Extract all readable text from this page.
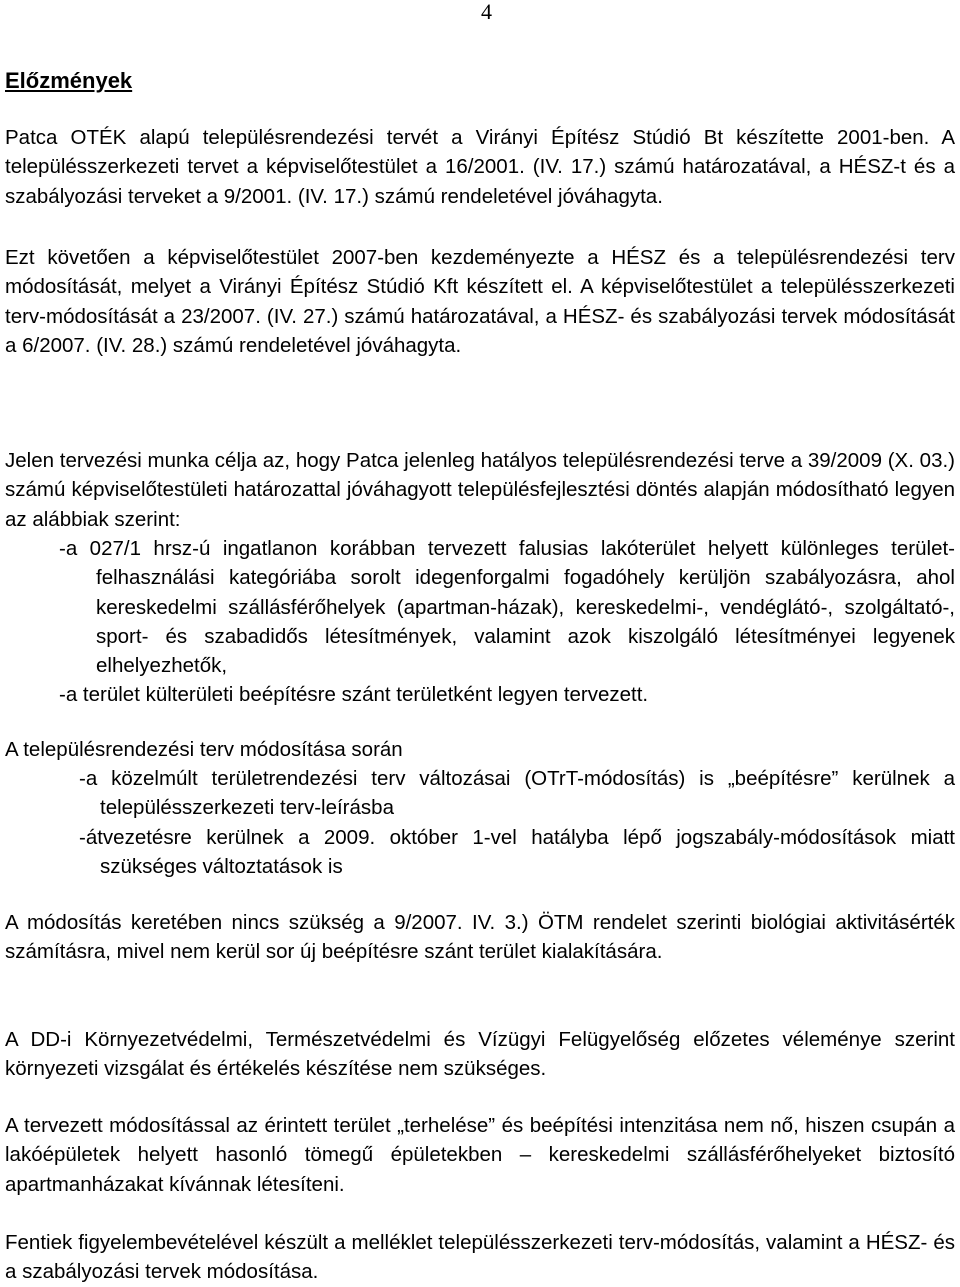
4
Előzmények

Patca OTÉK alapú településrendezési tervét a Virányi Építész Stúdió Bt készítette 2001-ben. A településszerkezeti tervet a képviselőtestület a 16/2001. (IV. 17.) számú határozatával, a HÉSZ-t és a szabályozási terveket a 9/2001. (IV. 17.) számú rendeletével jóváhagyta.

Ezt követően a képviselőtestület 2007-ben kezdeményezte a HÉSZ és a településrendezési terv módosítását, melyet a Virányi Építész Stúdió Kft készített el. A képviselőtestület a településszerkezeti terv-módosítását a 23/2007. (IV. 27.) számú határozatával, a HÉSZ- és szabályozási tervek módosítását a 6/2007. (IV. 28.) számú rendeletével jóváhagyta.

Jelen tervezési munka célja az, hogy Patca jelenleg hatályos településrendezési terve a 39/2009 (X. 03.) számú képviselőtestületi határozattal jóváhagyott településfejlesztési döntés alapján módosítható legyen az alábbiak szerint:

-a 027/1 hrsz-ú ingatlanon korábban tervezett falusias lakóterület helyett különleges terület-felhasználási kategóriába sorolt idegenforgalmi fogadóhely kerüljön szabályozásra, ahol kereskedelmi szállásférőhelyek (apartman-házak), kereskedelmi-, vendéglátó-, szolgáltató-, sport- és szabadidős létesítmények, valamint azok kiszolgáló létesítményei legyenek elhelyezhetők,
-a terület külterületi beépítésre szánt területként legyen tervezett.

A településrendezési terv módosítása során

-a közelmúlt területrendezési terv változásai (OTrT-módosítás) is „beépítésre” kerülnek a településszerkezeti terv-leírásba
-átvezetésre kerülnek a 2009. október 1-vel hatályba lépő jogszabály-módosítások miatt szükséges változtatások is

A módosítás keretében nincs szükség a 9/2007. IV. 3.) ÖTM rendelet szerinti biológiai aktivitásérték számításra, mivel nem kerül sor új beépítésre szánt terület kialakítására.

A DD-i Környezetvédelmi, Természetvédelmi és Vízügyi Felügyelőség előzetes véleménye szerint környezeti vizsgálat és értékelés készítése nem szükséges.

A tervezett módosítással az érintett terület „terhelése” és beépítési intenzitása nem nő, hiszen csupán a lakóépületek helyett hasonló tömegű épületekben – kereskedelmi szállásférőhelyeket biztosító apartmanházakat kívánnak létesíteni.

Fentiek figyelembevételével készült a melléklet településszerkezeti terv-módosítás, valamint a HÉSZ- és a szabályozási tervek módosítása.
